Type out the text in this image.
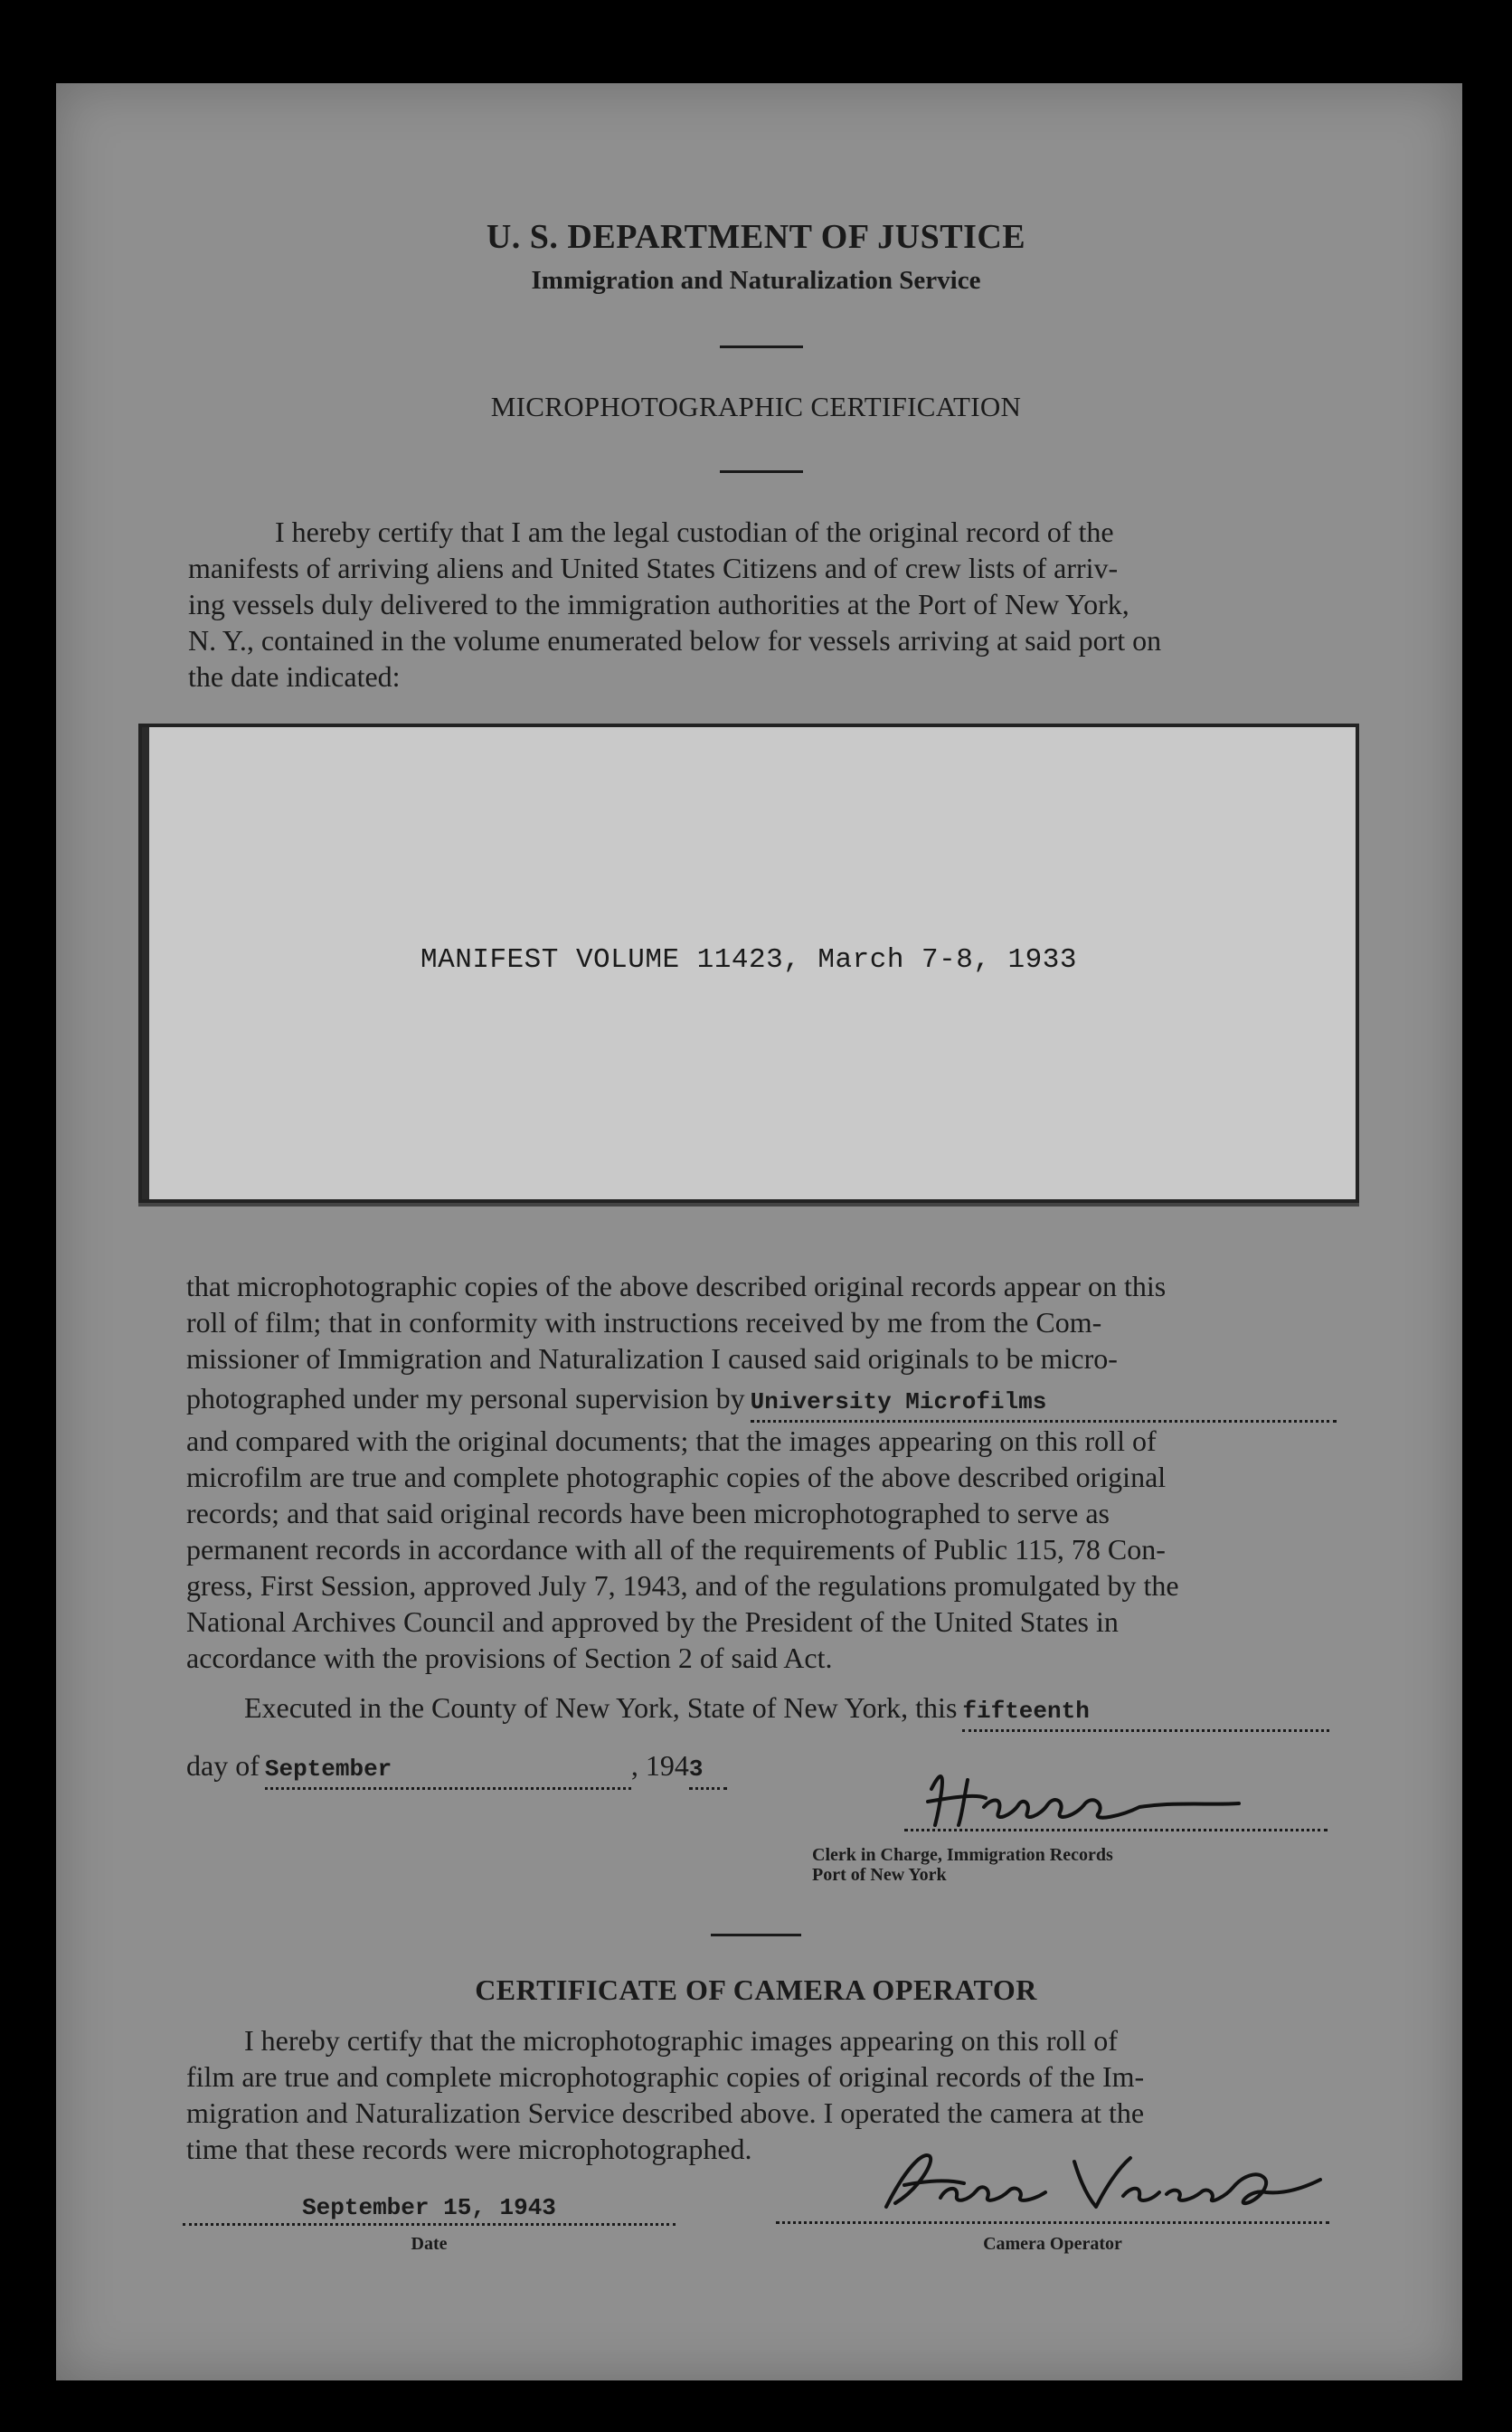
U. S. DEPARTMENT OF JUSTICE
Immigration and Naturalization Service
MICROPHOTOGRAPHIC CERTIFICATION

I hereby certify that I am the legal custodian of the original record of the

manifests of arriving aliens and United States Citizens and of crew lists of arriv-

ing vessels duly delivered to the immigration authorities at the Port of New York,

N. Y., contained in the volume enumerated below for vessels arriving at said port on

the date indicated:

MANIFEST VOLUME 11423, March 7-8, 1933

that microphotographic copies of the above described original records appear on this

roll of film; that in conformity with instructions received by me from the Com-

missioner of Immigration and Naturalization I caused said originals to be micro-

photographed under my personal supervision by University Microfilms

and compared with the original documents; that the images appearing on this roll of

microfilm are true and complete photographic copies of the above described original

records; and that said original records have been microphotographed to serve as

permanent records in accordance with all of the requirements of Public 115, 78 Con-

gress, First Session, approved July 7, 1943, and of the regulations promulgated by the

National Archives Council and approved by the President of the United States in

accordance with the provisions of Section 2 of said Act.

Executed in the County of New York, State of New York, this fifteenth
day of September	, 194 3
Clerk in Charge, Immigration Records
Port of New York
CERTIFICATE OF CAMERA OPERATOR

I hereby certify that the microphotographic images appearing on this roll of

film are true and complete microphotographic copies of original records of the Im-

migration and Naturalization Service described above. I operated the camera at the

time that these records were microphotographed.

September 15, 1943
Date	Camera Operator
